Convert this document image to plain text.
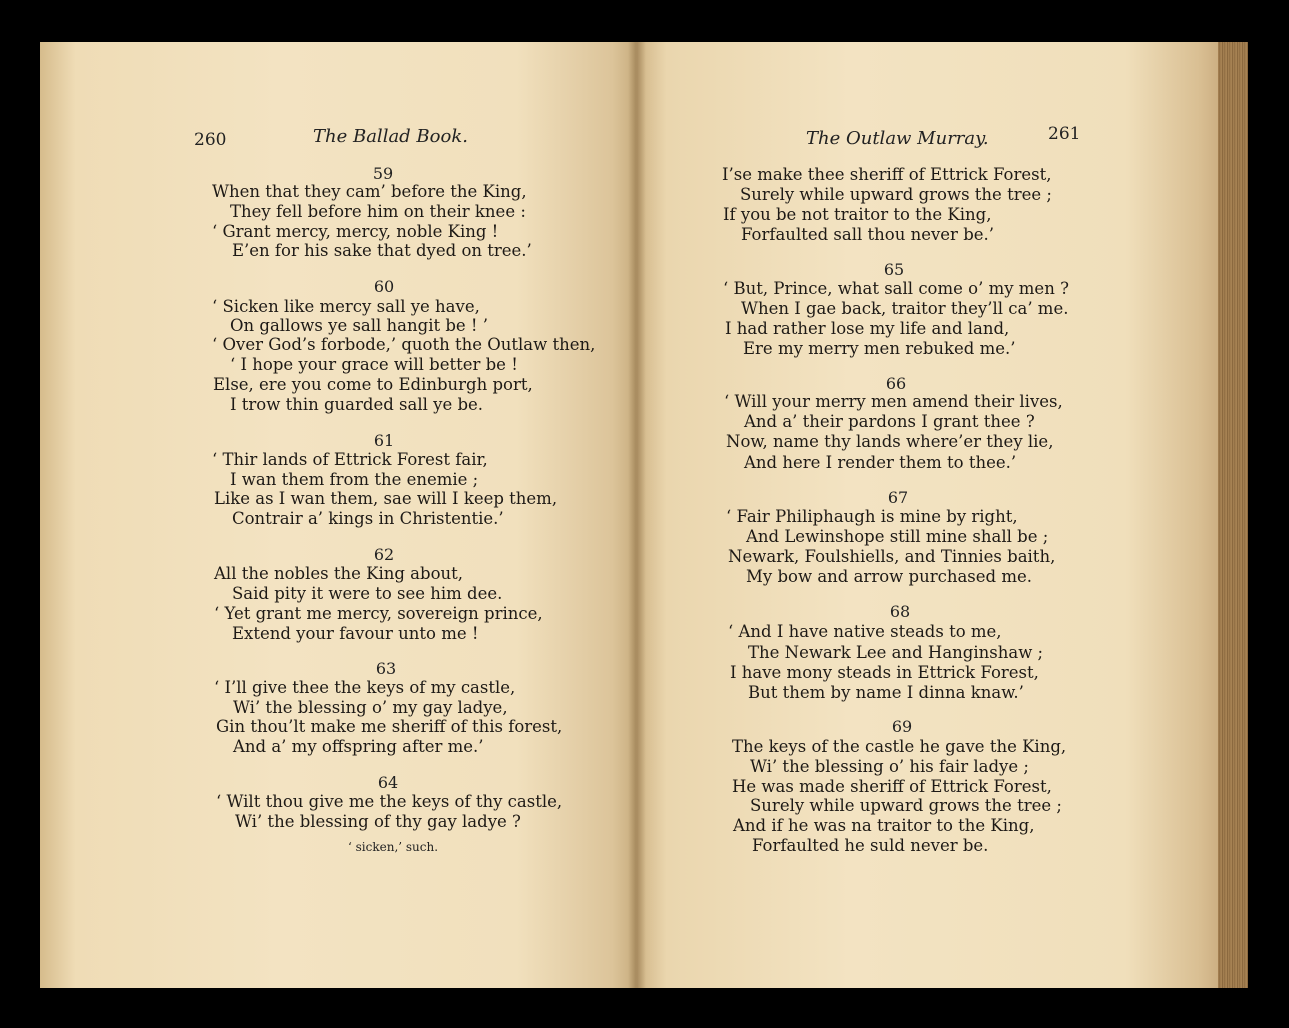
260	The Ballad Book.
59
When that they cam’ before the King,
They fell before him on their knee :
‘ Grant mercy, mercy, noble King !
E’en for his sake that dyed on tree.’
60
‘ Sicken like mercy sall ye have,
On gallows ye sall hangit be ! ’
‘ Over God’s forbode,’ quoth the Outlaw then,
‘ I hope your grace will better be !
Else, ere you come to Edinburgh port,
I trow thin guarded sall ye be.
61
‘ Thir lands of Ettrick Forest fair,
I wan them from the enemie ;
Like as I wan them, sae will I keep them,
Contrair a’ kings in Christentie.’
62
All the nobles the King about,
Said pity it were to see him dee.
‘ Yet grant me mercy, sovereign prince,
Extend your favour unto me !
63
‘ I’ll give thee the keys of my castle,
Wi’ the blessing o’ my gay ladye,
Gin thou’lt make me sheriff of this forest,
And a’ my offspring after me.’
64
‘ Wilt thou give me the keys of thy castle,
Wi’ the blessing of thy gay ladye ?
‘ sicken,’ such.
The Outlaw Murray.	261
I’se make thee sheriff of Ettrick Forest,
Surely while upward grows the tree ;
If you be not traitor to the King,
Forfaulted sall thou never be.’
65
‘ But, Prince, what sall come o’ my men ?
When I gae back, traitor they’ll ca’ me.
I had rather lose my life and land,
Ere my merry men rebuked me.’
66
‘ Will your merry men amend their lives,
And a’ their pardons I grant thee ?
Now, name thy lands where’er they lie,
And here I render them to thee.’
67
‘ Fair Philiphaugh is mine by right,
And Lewinshope still mine shall be ;
Newark, Foulshiells, and Tinnies baith,
My bow and arrow purchased me.
68
‘ And I have native steads to me,
The Newark Lee and Hanginshaw ;
I have mony steads in Ettrick Forest,
But them by name I dinna knaw.’
69
The keys of the castle he gave the King,
Wi’ the blessing o’ his fair ladye ;
He was made sheriff of Ettrick Forest,
Surely while upward grows the tree ;
And if he was na traitor to the King,
Forfaulted he suld never be.
